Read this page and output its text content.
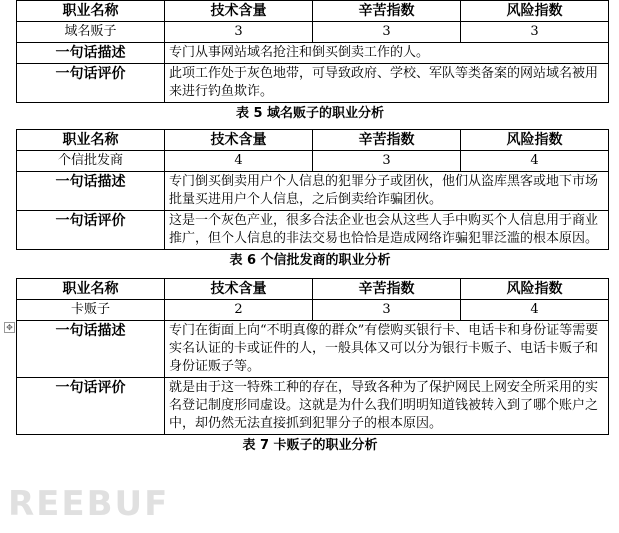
职业名称	技术含量	辛苦指数	风险指数
域名贩子	3	3	3
一句话描述	专门从事网站域名抢注和倒买倒卖工作的人。		
一句话评价	此项工作处于灰色地带，可导致政府、学校、军队等类备案的网站域名被用来进行钓鱼欺诈。		
表 5 域名贩子的职业分析
职业名称	技术含量	辛苦指数	风险指数
个信批发商	4	3	4
一句话描述	专门倒买倒卖用户个人信息的犯罪分子或团伙，他们从盗库黑客或地下市场批量买进用户个人信息，之后倒卖给诈骗团伙。		
一句话评价	这是一个灰色产业，很多合法企业也会从这些人手中购买个人信息用于商业推广，但个人信息的非法交易也恰恰是造成网络诈骗犯罪泛滥的根本原因。		
表 6 个信批发商的职业分析
职业名称	技术含量	辛苦指数	风险指数
卡贩子	2	3	4
一句话描述	专门在街面上向“不明真像的群众”有偿购买银行卡、电话卡和身份证等需要实名认证的卡或证件的人，一般具体又可以分为银行卡贩子、电话卡贩子和身份证贩子等。		
一句话评价	就是由于这一特殊工种的存在，导致各种为了保护网民上网安全所采用的实名登记制度形同虚设。这就是为什么我们明明知道钱被转入到了哪个账户之中，却仍然无法直接抓到犯罪分子的根本原因。		
表 7 卡贩子的职业分析
✥
REEBUF
